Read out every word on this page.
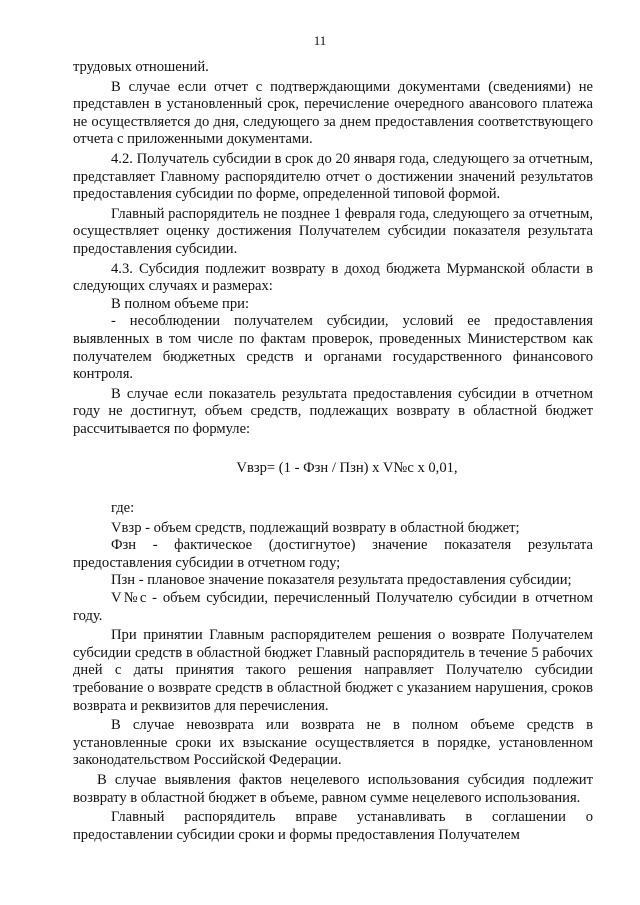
11

трудовых отношений.

В случае если отчет с подтверждающими документами (сведениями) не представлен в установленный срок, перечисление очередного авансового платежа не осуществляется до дня, следующего за днем предоставления соответствующего отчета с приложенными документами.

4.2. Получатель субсидии в срок до 20 января года, следующего за отчетным, представляет Главному распорядителю отчет о достижении значений результатов предоставления субсидии по форме, определенной типовой формой.

Главный распорядитель не позднее 1 февраля года, следующего за отчетным, осуществляет оценку достижения Получателем субсидии показателя результата предоставления субсидии.

4.3. Субсидия подлежит возврату в доход бюджета Мурманской области в следующих случаях и размерах:

В полном объеме при:

- несоблюдении получателем субсидии, условий ее предоставления выявленных в том числе по фактам проверок, проведенных Министерством как получателем бюджетных средств и органами государственного финансового контроля.

В случае если показатель результата предоставления субсидии в отчетном году не достигнут, объем средств, подлежащих возврату в областной бюджет рассчитывается по формуле:

Vвзр= (1 - Фзн / Пзн) x V№c x 0,01,

где:

Vвзр - объем средств, подлежащий возврату в областной бюджет;

Фзн - фактическое (достигнутое) значение показателя результата предоставления субсидии в отчетном году;

Пзн - плановое значение показателя результата предоставления субсидии;

V№с - объем субсидии, перечисленный Получателю субсидии в отчетном году.

При принятии Главным распорядителем решения о возврате Получателем субсидии средств в областной бюджет Главный распорядитель в течение 5 рабочих дней с даты принятия такого решения направляет Получателю субсидии требование о возврате средств в областной бюджет с указанием нарушения, сроков возврата и реквизитов для перечисления.

В случае невозврата или возврата не в полном объеме средств в установленные сроки их взыскание осуществляется в порядке, установленном законодательством Российской Федерации.

В случае выявления фактов нецелевого использования субсидия подлежит возврату в областной бюджет в объеме, равном сумме нецелевого использования.

Главный распорядитель вправе устанавливать в соглашении о предоставлении субсидии сроки и формы предоставления Получателем
